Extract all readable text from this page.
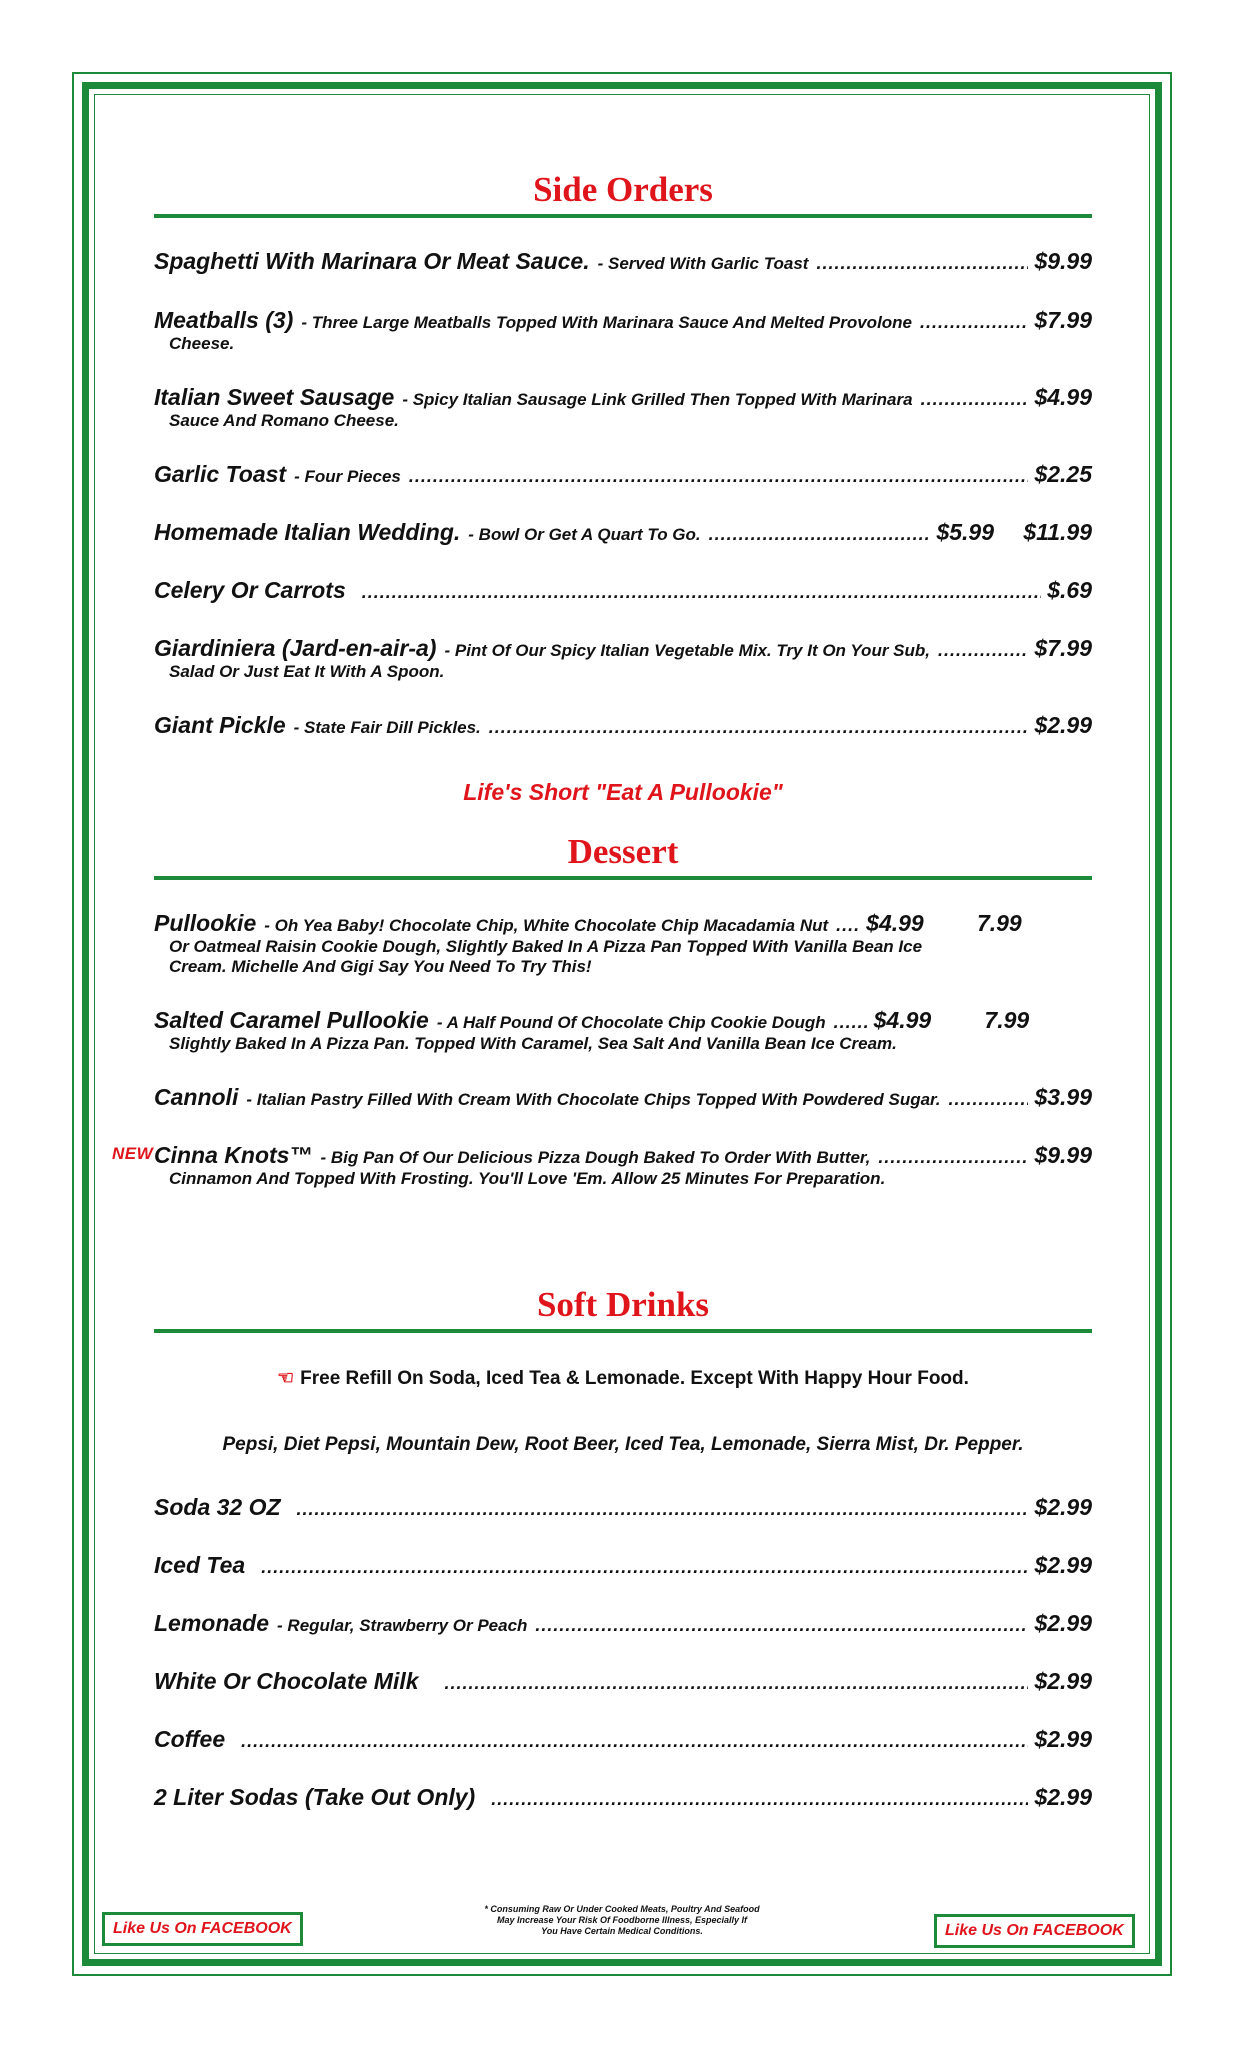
Side Orders
Spaghetti With Marinara Or Meat Sauce. - Served With Garlic Toast .....	$9.99
Meatballs (3) - Three Large Meatballs Topped With Marinara Sauce And Melted Provolone .....	$7.99
Cheese.
Italian Sweet Sausage - Spicy Italian Sausage Link Grilled Then Topped With Marinara .....	$4.99
Sauce And Romano Cheese.
Garlic Toast - Four Pieces .....	$2.25
Homemade Italian Wedding. - Bowl Or Get A Quart To Go. .....	$5.99	$11.99
Celery Or Carrots .....	$.69
Giardiniera (Jard-en-air-a) - Pint Of Our Spicy Italian Vegetable Mix. Try It On Your Sub, .....	$7.99
Salad Or Just Eat It With A Spoon.
Giant Pickle - State Fair Dill Pickles. .....	$2.99
Life's Short "Eat A Pullookie"
Dessert
Pullookie - Oh Yea Baby! Chocolate Chip, White Chocolate Chip Macadamia Nut ..... $4.99	7.99
Or Oatmeal Raisin Cookie Dough, Slightly Baked In A Pizza Pan Topped With Vanilla Bean Ice
Cream. Michelle And Gigi Say You Need To Try This!
Salted Caramel Pullookie - A Half Pound Of Chocolate Chip Cookie Dough ..... $4.99	7.99
Slightly Baked In A Pizza Pan. Topped With Caramel, Sea Salt And Vanilla Bean Ice Cream.
Cannoli - Italian Pastry Filled With Cream With Chocolate Chips Topped With Powdered Sugar. .....	$3.99
NEW Cinna Knots™ - Big Pan Of Our Delicious Pizza Dough Baked To Order With Butter, .....	$9.99
Cinnamon And Topped With Frosting. You'll Love 'Em. Allow 25 Minutes For Preparation.
Soft Drinks
☜ Free Refill On Soda, Iced Tea & Lemonade. Except With Happy Hour Food.
Pepsi, Diet Pepsi, Mountain Dew, Root Beer, Iced Tea, Lemonade, Sierra Mist, Dr. Pepper.
Soda 32 OZ .....	$2.99
Iced Tea .....	$2.99
Lemonade - Regular, Strawberry Or Peach .....	$2.99
White Or Chocolate Milk .....	$2.99
Coffee .....	$2.99
2 Liter Sodas (Take Out Only) .....	$2.99
Like Us On FACEBOOK	Like Us On FACEBOOK
* Consuming Raw Or Under Cooked Meats, Poultry And Seafood
May Increase Your Risk Of Foodborne Illness, Especially If
You Have Certain Medical Conditions.
